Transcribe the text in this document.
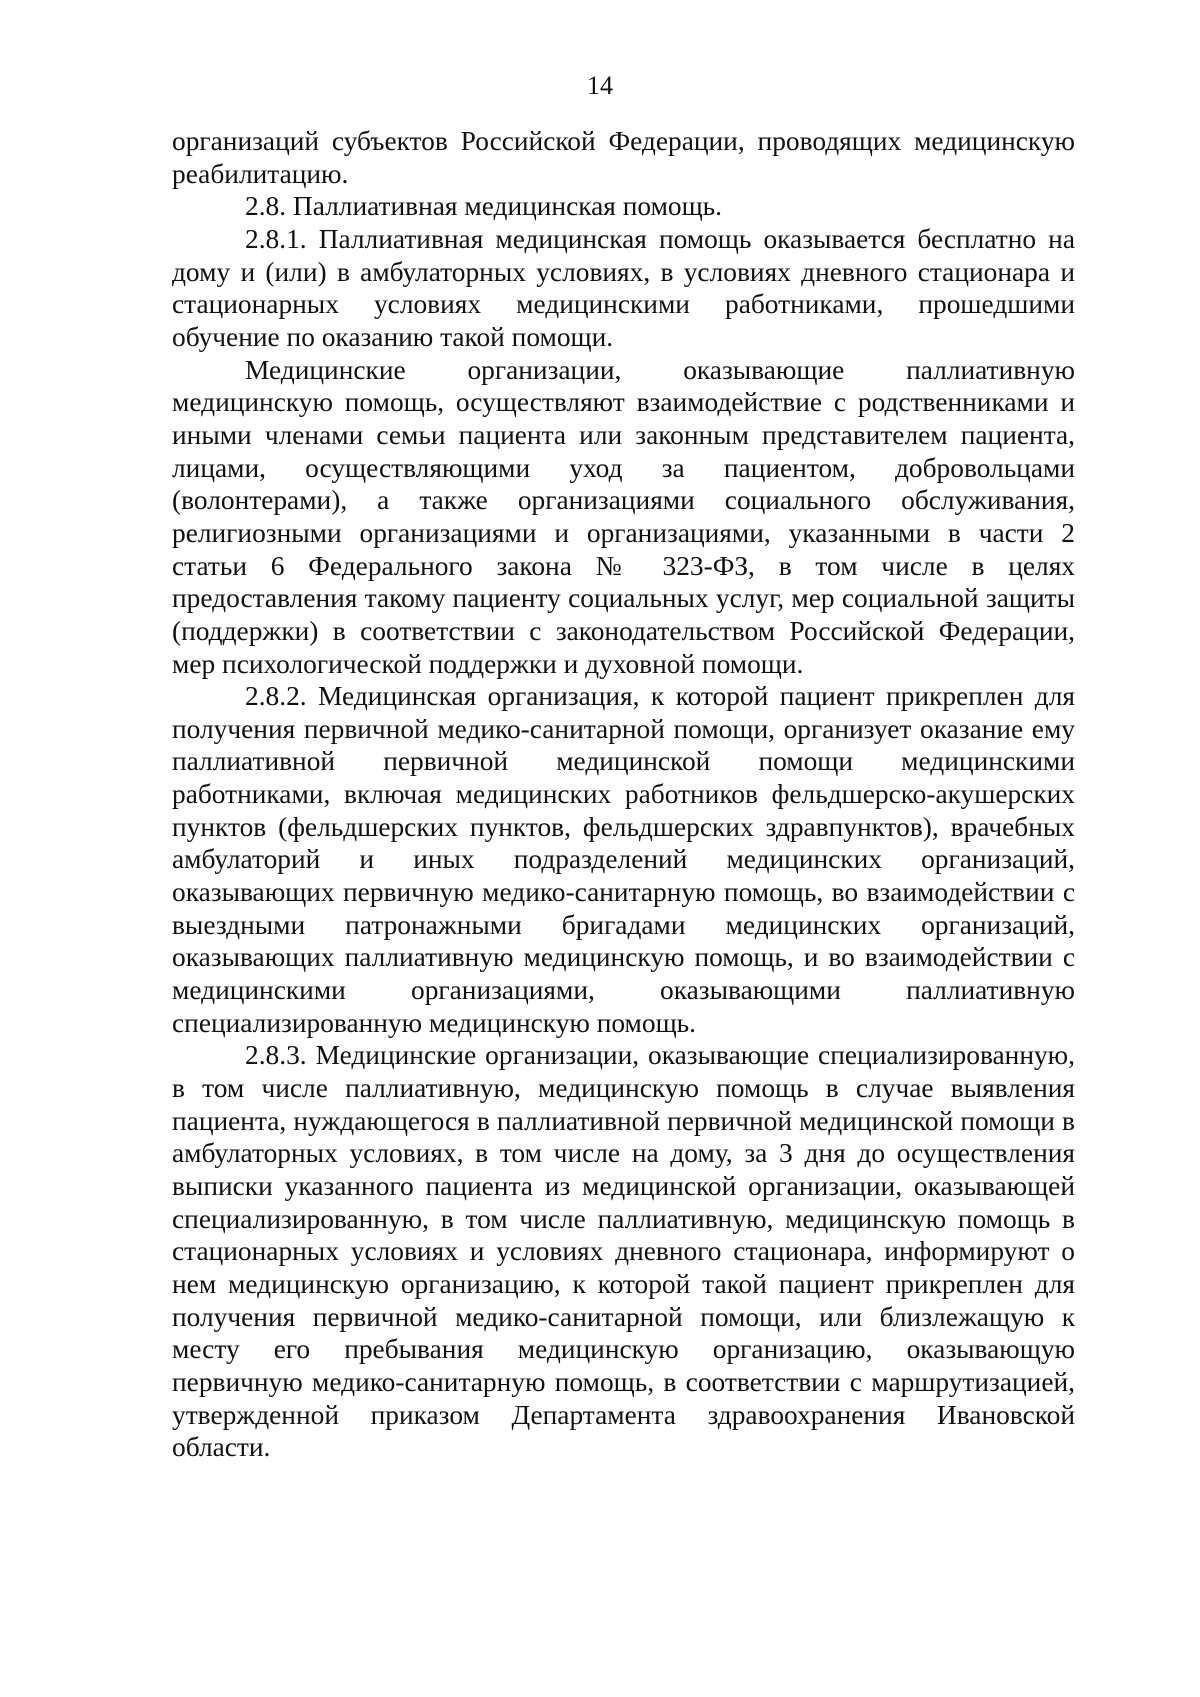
14

организаций субъектов Российской Федерации, проводящих медицинскую реабилитацию.

2.8. Паллиативная медицинская помощь.

2.8.1. Паллиативная медицинская помощь оказывается бесплатно на дому и (или) в амбулаторных условиях, в условиях дневного стационара и стационарных условиях медицинскими работниками, прошедшими обучение по оказанию такой помощи.

Медицинские организации, оказывающие паллиативную медицинскую помощь, осуществляют взаимодействие с родственниками и иными членами семьи пациента или законным представителем пациента, лицами, осуществляющими уход за пациентом, добровольцами (волонтерами), а также организациями социального обслуживания, религиозными организациями и организациями, указанными в части 2 статьи 6 Федерального закона № 323-ФЗ, в том числе в целях предоставления такому пациенту социальных услуг, мер социальной защиты (поддержки) в соответствии с законодательством Российской Федерации, мер психологической поддержки и духовной помощи.

2.8.2. Медицинская организация, к которой пациент прикреплен для получения первичной медико-санитарной помощи, организует оказание ему паллиативной первичной медицинской помощи медицинскими работниками, включая медицинских работников фельдшерско-акушерских пунктов (фельдшерских пунктов, фельдшерских здравпунктов), врачебных амбулаторий и иных подразделений медицинских организаций, оказывающих первичную медико-санитарную помощь, во взаимодействии с выездными патронажными бригадами медицинских организаций, оказывающих паллиативную медицинскую помощь, и во взаимодействии с медицинскими организациями, оказывающими паллиативную специализированную медицинскую помощь.

2.8.3. Медицинские организации, оказывающие специализированную, в том числе паллиативную, медицинскую помощь в случае выявления пациента, нуждающегося в паллиативной первичной медицинской помощи в амбулаторных условиях, в том числе на дому, за 3 дня до осуществления выписки указанного пациента из медицинской организации, оказывающей специализированную, в том числе паллиативную, медицинскую помощь в стационарных условиях и условиях дневного стационара, информируют о нем медицинскую организацию, к которой такой пациент прикреплен для получения первичной медико-санитарной помощи, или близлежащую к месту его пребывания медицинскую организацию, оказывающую первичную медико-санитарную помощь, в соответствии с маршрутизацией, утвержденной приказом Департамента здравоохранения Ивановской области.
